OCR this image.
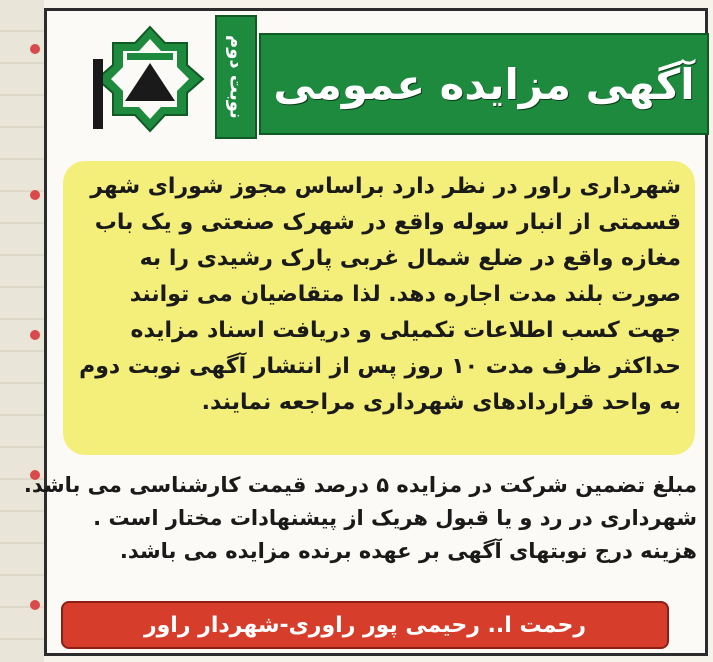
نوبت دوم آگهی مزایده عمومی

شهرداری راور در نظر دارد براساس مجوز شورای شهر

قسمتی از انبار سوله واقع در شهرک صنعتی و یک باب

مغازه واقع در ضلع شمال غربی پارک رشیدی را به

صورت بلند مدت اجاره دهد. لذا متقاضیان می توانند

جهت کسب اطلاعات تکمیلی و دریافت اسناد مزایده

حداکثر ظرف مدت ۱۰ روز پس از انتشار آگهی نوبت دوم

به واحد قراردادهای شهرداری مراجعه نمایند.

مبلغ تضمین شرکت در مزایده ۵ درصد قیمت کارشناسی می باشد.

شهرداری در رد و یا قبول هریک از پیشنهادات مختار است .

هزینه درج نوبتهای آگهی بر عهده برنده مزایده می باشد.

رحمت ا.. رحیمی پور راوری-شهردار راور
